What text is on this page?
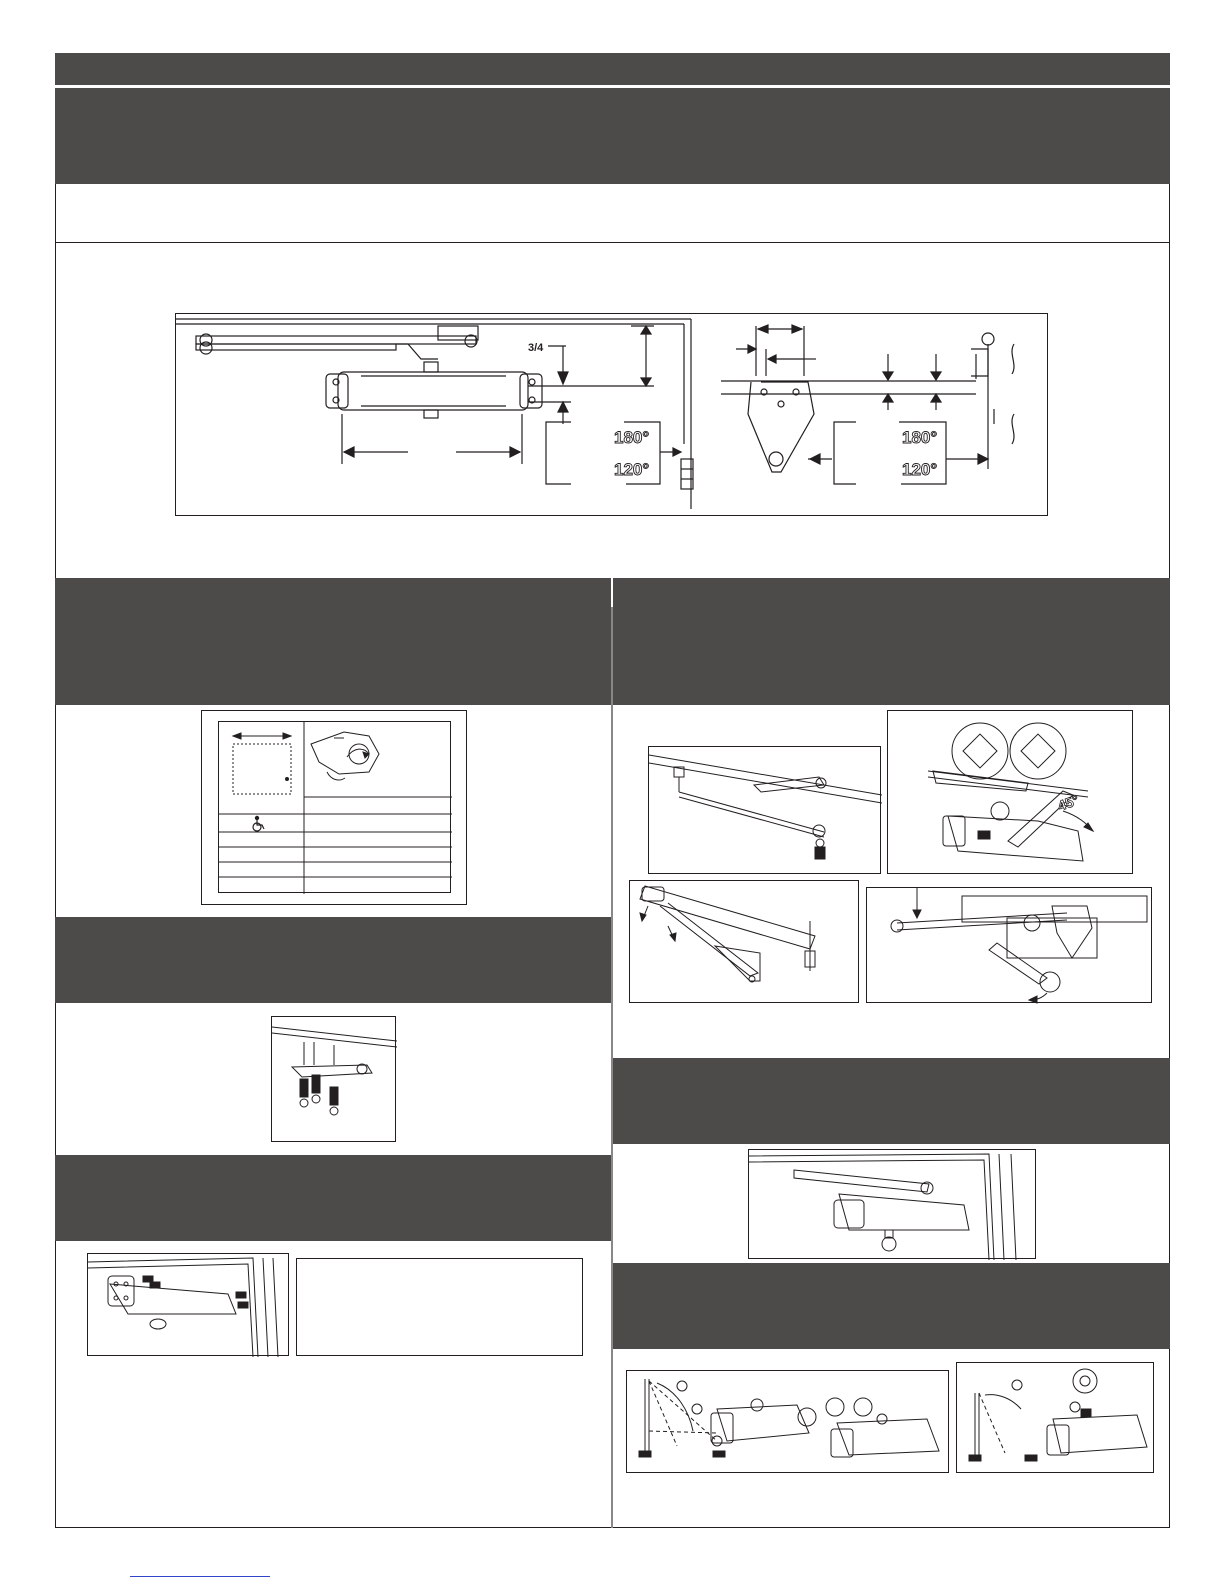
3/4
180°
120°
180°
120°
45°
